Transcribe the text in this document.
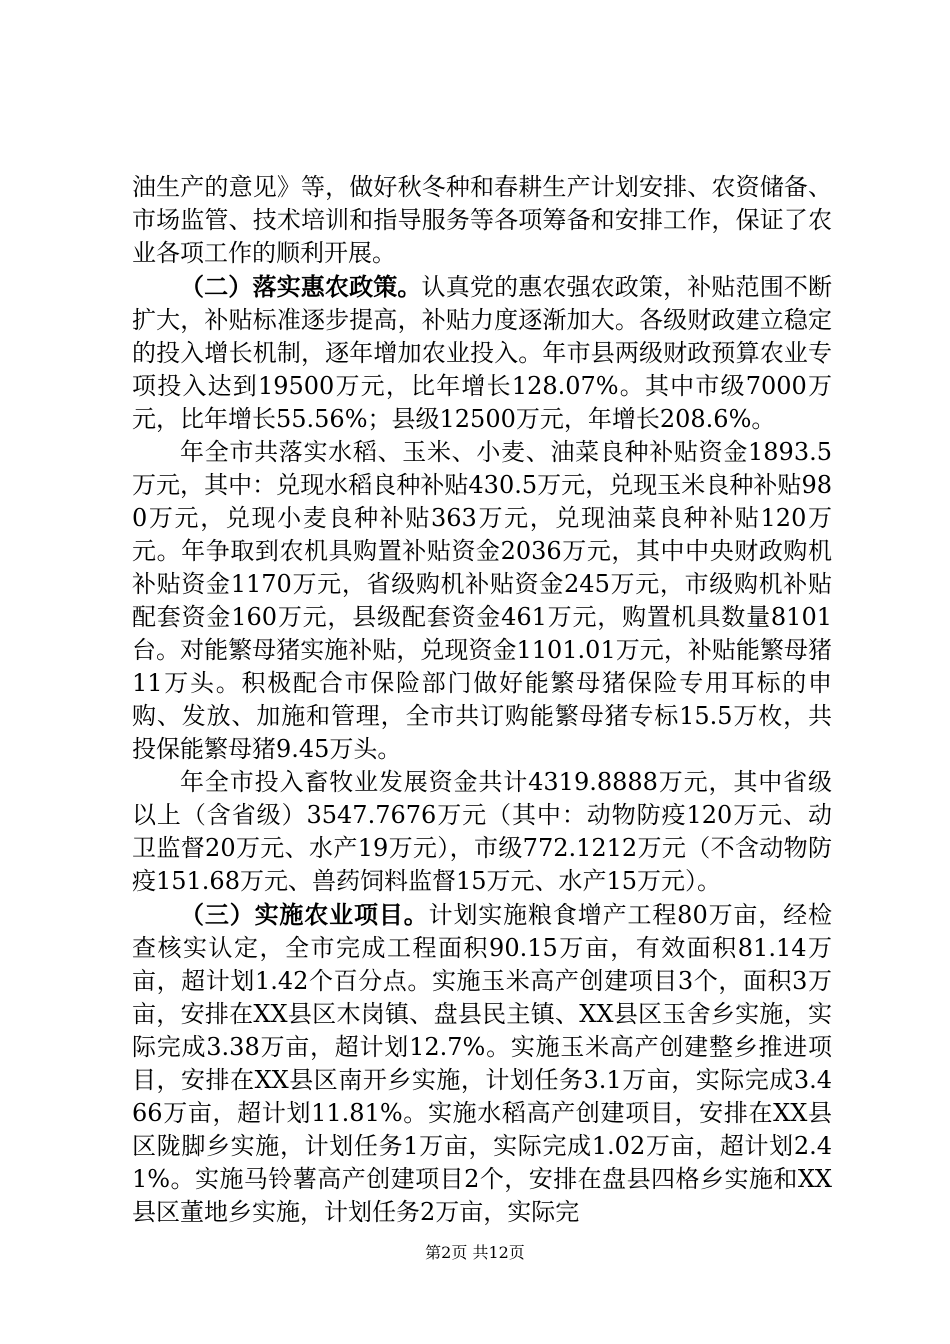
油生产的意见》等，做好秋冬种和春耕生产计划安排、农资储备、市场监管、技术培训和指导服务等各项筹备和安排工作，保证了农业各项工作的顺利开展。

（二）落实惠农政策。认真党的惠农强农政策，补贴范围不断扩大，补贴标准逐步提高，补贴力度逐渐加大。各级财政建立稳定的投入增长机制，逐年增加农业投入。年市县两级财政预算农业专项投入达到19500万元，比年增长128.07%。其中市级7000万元，比年增长55.56%；县级12500万元，年增长208.6%。

年全市共落实水稻、玉米、小麦、油菜良种补贴资金1893.5万元，其中：兑现水稻良种补贴430.5万元，兑现玉米良种补贴980万元，兑现小麦良种补贴363万元，兑现油菜良种补贴120万元。年争取到农机具购置补贴资金2036万元，其中中央财政购机补贴资金1170万元，省级购机补贴资金245万元，市级购机补贴配套资金160万元，县级配套资金461万元，购置机具数量8101台。对能繁母猪实施补贴，兑现资金1101.01万元，补贴能繁母猪11万头。积极配合市保险部门做好能繁母猪保险专用耳标的申购、发放、加施和管理，全市共订购能繁母猪专标15.5万枚，共投保能繁母猪9.45万头。

年全市投入畜牧业发展资金共计4319.8888万元，其中省级以上（含省级）3547.7676万元（其中：动物防疫120万元、动卫监督20万元、水产19万元），市级772.1212万元（不含动物防疫151.68万元、兽药饲料监督15万元、水产15万元）。

（三）实施农业项目。计划实施粮食增产工程80万亩，经检查核实认定，全市完成工程面积90.15万亩，有效面积81.14万亩，超计划1.42个百分点。实施玉米高产创建项目3个，面积3万亩，安排在XX县区木岗镇、盘县民主镇、XX县区玉舍乡实施，实际完成3.38万亩，超计划12.7%。实施玉米高产创建整乡推进项目，安排在XX县区南开乡实施，计划任务3.1万亩，实际完成3.466万亩，超计划11.81%。实施水稻高产创建项目，安排在XX县区陇脚乡实施，计划任务1万亩，实际完成1.02万亩，超计划2.41%。实施马铃薯高产创建项目2个，安排在盘县四格乡实施和XX县区董地乡实施，计划任务2万亩，实际完

第2页 共12页
